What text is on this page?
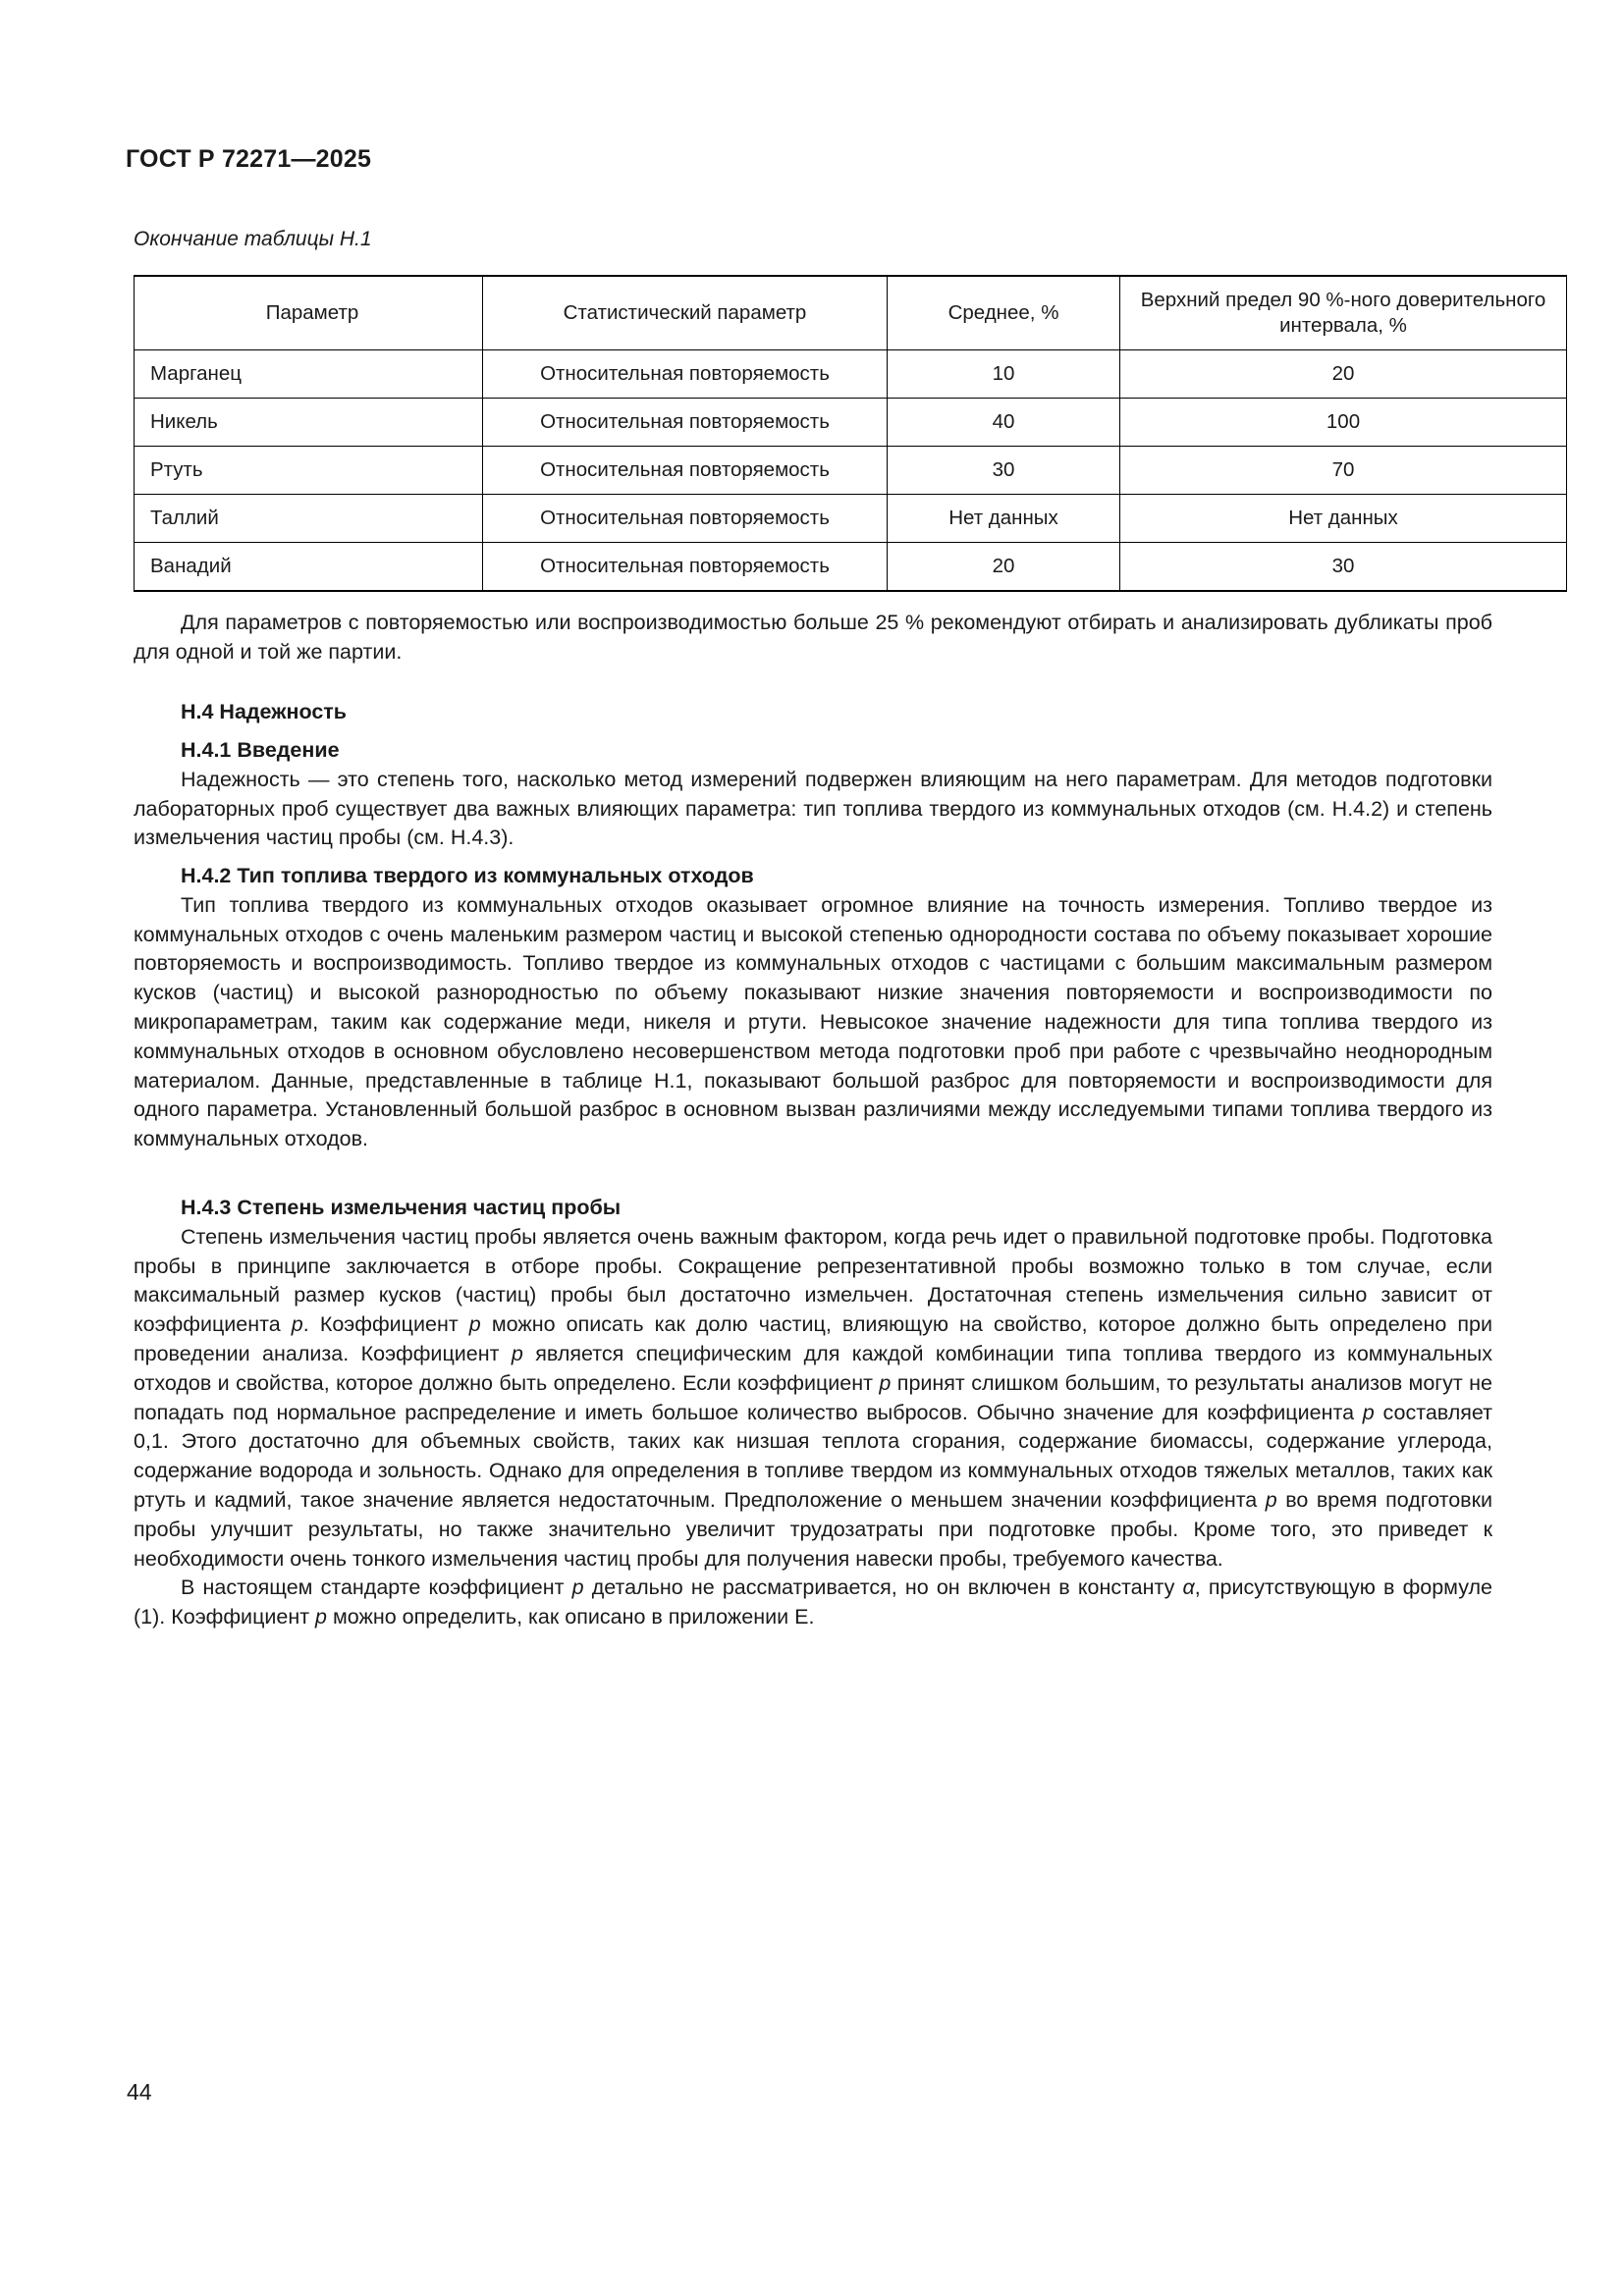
ГОСТ Р 72271—2025
Окончание таблицы Н.1
Параметр	Статистический параметр	Среднее, %	Верхний предел 90 %-ного доверительного интервала, %
Марганец	Относительная повторяемость	10	20
Никель	Относительная повторяемость	40	100
Ртуть	Относительная повторяемость	30	70
Таллий	Относительная повторяемость	Нет данных	Нет данных
Ванадий	Относительная повторяемость	20	30

Для параметров с повторяемостью или воспроизводимостью больше 25 % рекомендуют отбирать и анализировать дубликаты проб для одной и той же партии.

Н.4 Надежность

Н.4.1 Введение

Надежность — это степень того, насколько метод измерений подвержен влияющим на него параметрам. Для методов подготовки лабораторных проб существует два важных влияющих параметра: тип топлива твердого из коммунальных отходов (см. Н.4.2) и степень измельчения частиц пробы (см. Н.4.3).

Н.4.2 Тип топлива твердого из коммунальных отходов

Тип топлива твердого из коммунальных отходов оказывает огромное влияние на точность измерения. Топливо твердое из коммунальных отходов с очень маленьким размером частиц и высокой степенью однородности состава по объему показывает хорошие повторяемость и воспроизводимость. Топливо твердое из коммунальных отходов с частицами с большим максимальным размером кусков (частиц) и высокой разнородностью по объему показывают низкие значения повторяемости и воспроизводимости по микропараметрам, таким как содержание меди, никеля и ртути. Невысокое значение надежности для типа топлива твердого из коммунальных отходов в основном обусловлено несовершенством метода подготовки проб при работе с чрезвычайно неоднородным материалом. Данные, представленные в таблице Н.1, показывают большой разброс для повторяемости и воспроизводимости для одного параметра. Установленный большой разброс в основном вызван различиями между исследуемыми типами топлива твердого из коммунальных отходов.

Н.4.3 Степень измельчения частиц пробы

Степень измельчения частиц пробы является очень важным фактором, когда речь идет о правильной подготовке пробы. Подготовка пробы в принципе заключается в отборе пробы. Сокращение репрезентативной пробы возможно только в том случае, если максимальный размер кусков (частиц) пробы был достаточно измельчен. Достаточная степень измельчения сильно зависит от коэффициента p. Коэффициент p можно описать как долю частиц, влияющую на свойство, которое должно быть определено при проведении анализа. Коэффициент p является специфическим для каждой комбинации типа топлива твердого из коммунальных отходов и свойства, которое должно быть определено. Если коэффициент p принят слишком большим, то результаты анализов могут не попадать под нормальное распределение и иметь большое количество выбросов. Обычно значение для коэффициента p составляет 0,1. Этого достаточно для объемных свойств, таких как низшая теплота сгорания, содержание биомассы, содержание углерода, содержание водорода и зольность. Однако для определения в топливе твердом из коммунальных отходов тяжелых металлов, таких как ртуть и кадмий, такое значение является недостаточным. Предположение о меньшем значении коэффициента p во время подготовки пробы улучшит результаты, но также значительно увеличит трудозатраты при подготовке пробы. Кроме того, это приведет к необходимости очень тонкого измельчения частиц пробы для получения навески пробы, требуемого качества.

В настоящем стандарте коэффициент p детально не рассматривается, но он включен в константу α, присутствующую в формуле (1). Коэффициент p можно определить, как описано в приложении Е.

44
